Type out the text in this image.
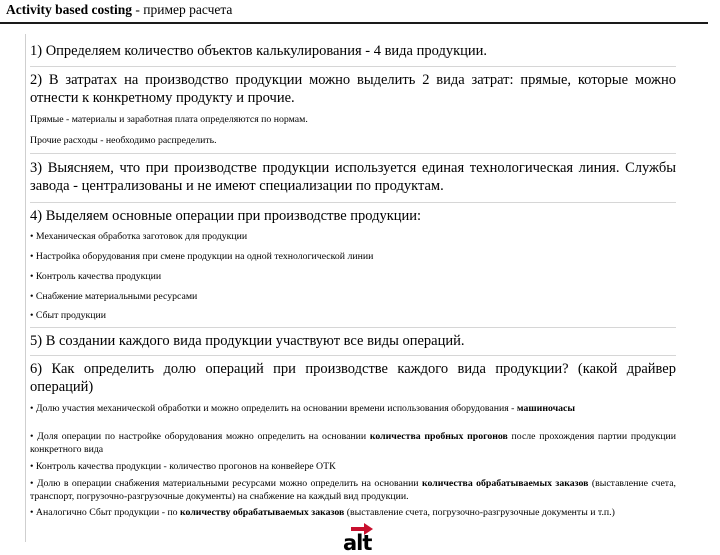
Activity based costing - пример расчета

1) Определяем количество объектов калькулирования - 4 вида продукции.

2) В затратах на производство продукции можно выделить 2 вида затрат: прямые, которые можно отнести к конкретному продукту и прочие.

Прямые - материалы и заработная плата определяются по нормам.

Прочие расходы - необходимо распределить.

3) Выясняем, что при производстве продукции используется единая технологическая линия. Службы завода - централизованы и не имеют специализации по продуктам.

4) Выделяем основные операции при производстве продукции:

• Механическая обработка заготовок для продукции

• Настройка оборудования при смене продукции на одной технологической линии

• Контроль качества продукции

• Снабжение материальными ресурсами

• Сбыт продукции

5) В создании каждого вида продукции участвуют все виды операций.

6) Как определить долю операций при производстве каждого вида продукции? (какой драйвер операций)

• Долю участия механической обработки и можно определить на основании времени использования оборудования - машиночасы

• Доля операции по настройке оборудования можно определить на основании количества пробных прогонов после прохождения партии продукции конкретного вида

• Контроль качества продукции - количество прогонов на конвейере ОТК

• Долю в операции снабжения материальными ресурсами можно определить на основании количества обрабатываемых заказов (выставление счета, транспорт, погрузочно-разгрузочные документы) на снабжение на каждый вид продукции.

• Аналогично Сбыт продукции - по количеству обрабатываемых заказов (выставление счета, погрузочно-разгрузочные документы и т.п.)

alt
